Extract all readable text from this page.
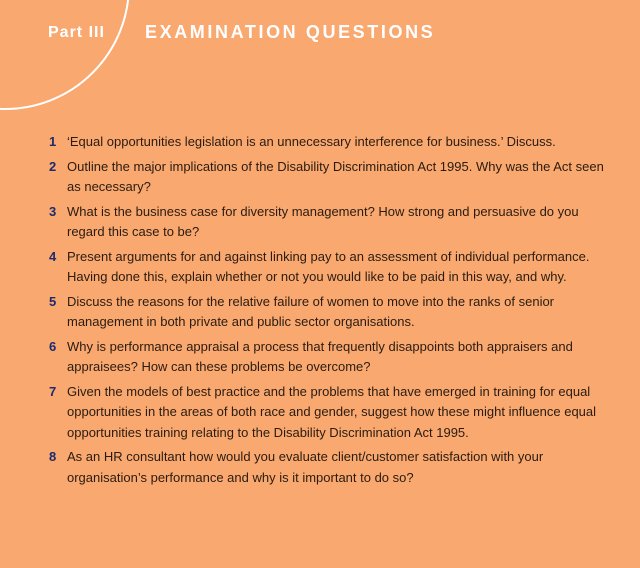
Part III EXAMINATION QUESTIONS
1 ‘Equal opportunities legislation is an unnecessary interference for business.’ Discuss.
2 Outline the major implications of the Disability Discrimination Act 1995. Why was the Act seen as necessary?
3 What is the business case for diversity management? How strong and persuasive do you regard this case to be?
4 Present arguments for and against linking pay to an assessment of individual performance. Having done this, explain whether or not you would like to be paid in this way, and why.
5 Discuss the reasons for the relative failure of women to move into the ranks of senior management in both private and public sector organisations.
6 Why is performance appraisal a process that frequently disappoints both appraisers and appraisees? How can these problems be overcome?
7 Given the models of best practice and the problems that have emerged in training for equal opportunities in the areas of both race and gender, suggest how these might influence equal opportunities training relating to the Disability Discrimination Act 1995.
8 As an HR consultant how would you evaluate client/customer satisfaction with your organisation’s performance and why is it important to do so?
